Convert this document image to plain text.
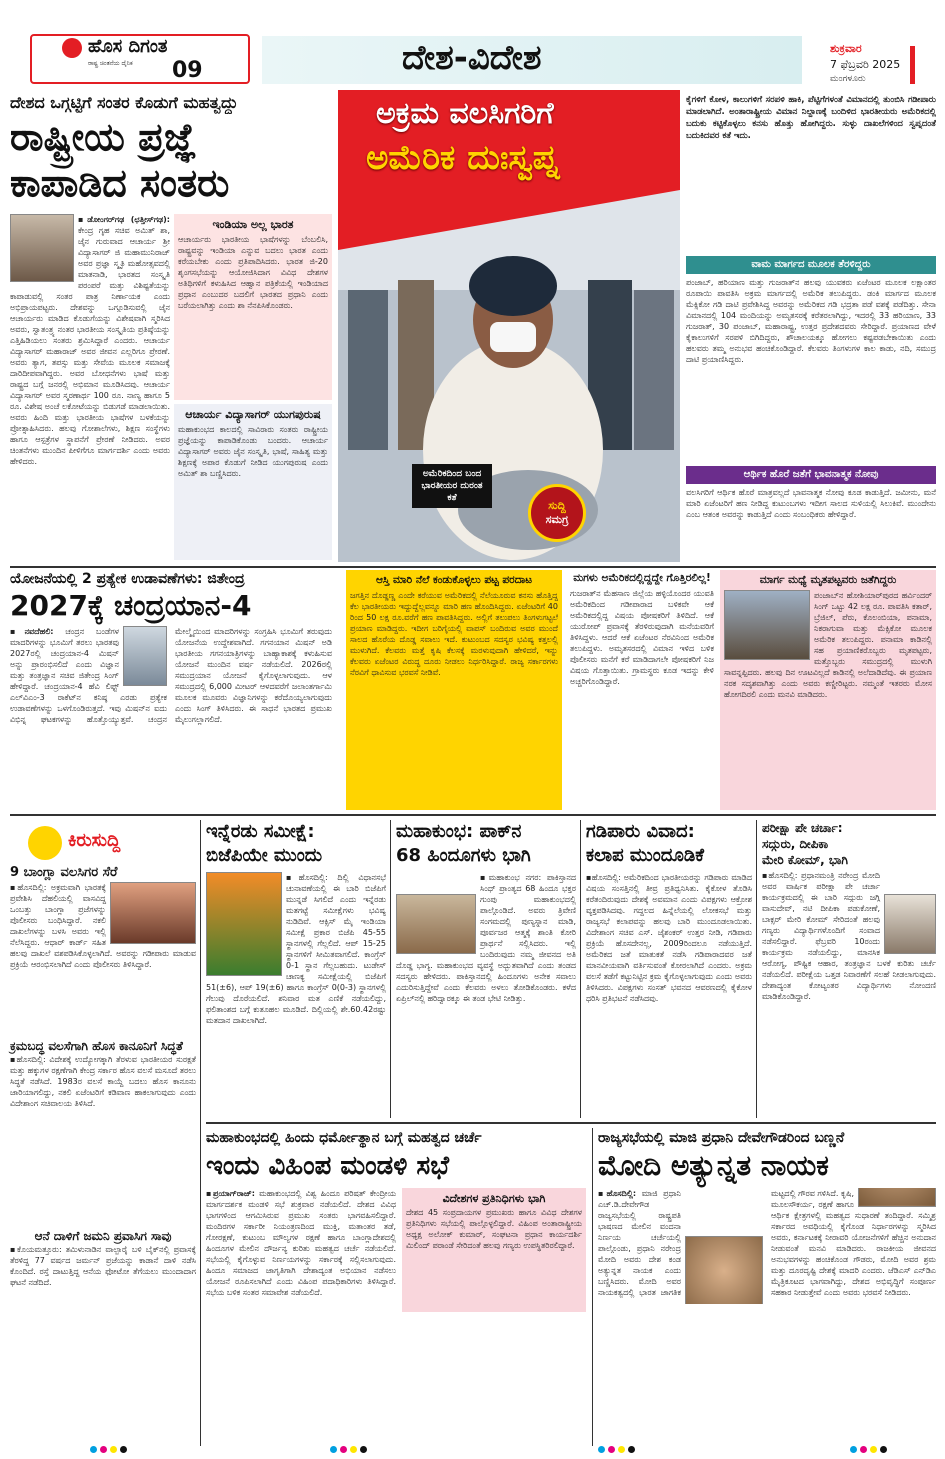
ಹೊಸ ದಿಗಂತ
ರಾಷ್ಟ್ರ ಚಿಂತನೆಯ ದೈನಿಕ 09	ದೇಶ-ವಿದೇಶ	ಶುಕ್ರವಾರ
7 ಫೆಬ್ರವರಿ 2025
ಮಂಗಳೂರು
ದೇಶದ ಒಗ್ಗಟ್ಟಿಗೆ ಸಂತರ ಕೊಡುಗೆ ಮಹತ್ವದ್ದು
ರಾಷ್ಟ್ರೀಯ ಪ್ರಜ್ಞೆ
ಕಾಪಾಡಿದ ಸಂತರು
▪ಡೋಂಗರ್‌ಗಢ (ಛತ್ತೀಸ್‌ಗಢ): ಕೇಂದ್ರ ಗೃಹ ಸಚಿವ ಅಮಿತ್ ಶಾ, ಜೈನ ಗುರುವಾದ ಆಚಾರ್ಯ ಶ್ರೀ ವಿದ್ಯಾಸಾಗರ್ ಜಿ ಮಹಾಮುನಿರಾಜ್ ಅವರ ಪ್ರಜ್ಞಾ ಸ್ಮೃತಿ ಮಹೋತ್ಸವದಲ್ಲಿ ಮಾತನಾಡಿ, ಭಾರತದ ಸಂಸ್ಕೃತಿ ಪರಂಪರೆ ಮತ್ತು ವಿಶಿಷ್ಟತೆಯನ್ನು ಕಾಪಾಡುವಲ್ಲಿ ಸಂತರ ಪಾತ್ರ ನಿರ್ಣಾಯಕ ಎಂದು ಅಭಿಪ್ರಾಯಪಟ್ಟರು. ದೇಶವನ್ನು ಒಗ್ಗೂಡಿಸುವಲ್ಲಿ ಜೈನ ಆಚಾರ್ಯರು ಮಾಡಿದ ಕೊಡುಗೆಯನ್ನು ವಿಶೇಷವಾಗಿ ಸ್ಮರಿಸಿದ ಅವರು, ಸ್ವಾತಂತ್ರ್ಯ ನಂತರ ಭಾರತೀಯ ಸಂಸ್ಕೃತಿಯ ಪ್ರತಿಷ್ಠೆಯನ್ನು ಎತ್ತಿಹಿಡಿಯಲು ಸಂತರು ಶ್ರಮಿಸಿದ್ದಾರೆ ಎಂದರು. ಆಚಾರ್ಯ ವಿದ್ಯಾಸಾಗರ್ ಮಹಾರಾಜ್ ಅವರ ಜೀವನ ಎಲ್ಲರಿಗೂ ಪ್ರೇರಣೆ. ಅವರು ತ್ಯಾಗ, ತಪಸ್ಸು ಮತ್ತು ಸೇವೆಯ ಮೂಲಕ ಸಮಾಜಕ್ಕೆ ದಾರಿದೀಪವಾಗಿದ್ದರು. ಅವರ ಬೋಧನೆಗಳು ಭಾಷೆ ಮತ್ತು ರಾಷ್ಟ್ರದ ಬಗ್ಗೆ ಜನರಲ್ಲಿ ಅಭಿಮಾನ ಮೂಡಿಸಿದವು. ಆಚಾರ್ಯ ವಿದ್ಯಾಸಾಗರ್ ಅವರ ಸ್ಮರಣಾರ್ಥ 100 ರೂ. ನಾಣ್ಯ ಹಾಗೂ 5 ರೂ. ವಿಶೇಷ ಅಂಚೆ ಲಕೋಟೆಯನ್ನು ಬಿಡುಗಡೆ ಮಾಡಲಾಯಿತು. ಅವರು ಹಿಂದಿ ಮತ್ತು ಭಾರತೀಯ ಭಾಷೆಗಳ ಬಳಕೆಯನ್ನು ಪ್ರೋತ್ಸಾಹಿಸಿದರು. ಹಲವು ಗೋಶಾಲೆಗಳು, ಶಿಕ್ಷಣ ಸಂಸ್ಥೆಗಳು ಹಾಗೂ ಆಸ್ಪತ್ರೆಗಳ ಸ್ಥಾಪನೆಗೆ ಪ್ರೇರಣೆ ನೀಡಿದರು. ಅವರ ಚಿಂತನೆಗಳು ಮುಂದಿನ ಪೀಳಿಗೆಗೂ ಮಾರ್ಗದರ್ಶಿ ಎಂದು ಅವರು ಹೇಳಿದರು.
ಇಂಡಿಯಾ ಅಲ್ಲ ಭಾರತ
ಆಚಾರ್ಯರು ಭಾರತೀಯ ಭಾಷೆಗಳನ್ನು ಬೆಂಬಲಿಸಿ, ರಾಷ್ಟ್ರವನ್ನು ಇಂಡಿಯಾ ಎನ್ನುವ ಬದಲು ಭಾರತ ಎಂದು ಕರೆಯಬೇಕು ಎಂದು ಪ್ರತಿಪಾದಿಸಿದರು. ಭಾರತ ಜಿ-20 ಶೃಂಗಸಭೆಯನ್ನು ಆಯೋಜಿಸಿದಾಗ ವಿವಿಧ ದೇಶಗಳ ಅತಿಥಿಗಳಿಗೆ ಕಳುಹಿಸಿದ ಆಹ್ವಾನ ಪತ್ರಿಕೆಯಲ್ಲಿ ಇಂಡಿಯಾದ ಪ್ರಧಾನ ಎಂಬುದರ ಬದಲಿಗೆ ಭಾರತದ ಪ್ರಧಾನಿ ಎಂದು ಬರೆಯಲಾಗಿತ್ತು ಎಂದು ಶಾ ನೆನಪಿಸಿಕೊಂಡರು.
ಆಚಾರ್ಯ ವಿದ್ಯಾಸಾಗರ್ ಯುಗಪುರುಷ
ಮಹಾಕುಂಭದ ಕಾಲದಲ್ಲಿ ಸಾವಿರಾರು ಸಂತರು ರಾಷ್ಟ್ರೀಯ ಪ್ರಜ್ಞೆಯನ್ನು ಕಾಪಾಡಿಕೊಂಡು ಬಂದರು. ಆಚಾರ್ಯ ವಿದ್ಯಾಸಾಗರ್ ಅವರು ಜೈನ ಸಂಸ್ಕೃತಿ, ಭಾಷೆ, ಸಾಹಿತ್ಯ ಮತ್ತು ಶಿಕ್ಷಣಕ್ಕೆ ಅಪಾರ ಕೊಡುಗೆ ನೀಡಿದ ಯುಗಪುರುಷ ಎಂದು ಅಮಿತ್ ಶಾ ಬಣ್ಣಿಸಿದರು.
ಅಕ್ರಮ ವಲಸಿಗರಿಗೆ
ಅಮೆರಿಕ ದುಃಸ್ವಪ್ನ
ಅಮೆರಿಕದಿಂದ ಬಂದ ಭಾರತೀಯರ ದುರಂತ ಕತೆ
ಸುದ್ದಿ
ಸಮಗ್ರ
ಕೈಗಳಿಗೆ ಕೋಳ, ಕಾಲುಗಳಿಗೆ ಸರಪಳಿ ಹಾಕಿ, ಪೆಟ್ಟಿಗೆಗಳಂತೆ ವಿಮಾನದಲ್ಲಿ ತುಂಬಿಸಿ ಗಡೀಪಾರು ಮಾಡಲಾಗಿದೆ. ಅಂತಾರಾಷ್ಟ್ರೀಯ ವಿಮಾನ ನಿಲ್ದಾಣಕ್ಕೆ ಬಂದಿಳಿದ ಭಾರತೀಯರು ಅಮೆರಿಕದಲ್ಲಿ ಬದುಕು ಕಟ್ಟಿಕೊಳ್ಳಲು ಕನಸು ಹೊತ್ತು ಹೋಗಿದ್ದರು. ಸುಳ್ಳು ದಾಖಲೆಗಳಿಂದ ಸ್ವಪ್ನದಂತೆ ಬದುಕಿದವರ ಕತೆ ಇದು.
ವಾಮ ಮಾರ್ಗದ ಮೂಲಕ ತೆರಳಿದ್ದರು
ಪಂಜಾಬ್, ಹರಿಯಾಣ ಮತ್ತು ಗುಜರಾತ್‌ನ ಹಲವು ಯುವಕರು ಏಜೆಂಟರ ಮೂಲಕ ಲಕ್ಷಾಂತರ ರೂಪಾಯಿ ಪಾವತಿಸಿ ಅಕ್ರಮ ಮಾರ್ಗದಲ್ಲಿ ಅಮೆರಿಕ ತಲುಪಿದ್ದರು. ಡಂಕಿ ಮಾರ್ಗದ ಮೂಲಕ ಮೆಕ್ಸಿಕೋ ಗಡಿ ದಾಟಿ ಪ್ರವೇಶಿಸಿದ್ದ ಅವರನ್ನು ಅಮೆರಿಕದ ಗಡಿ ಭದ್ರತಾ ಪಡೆ ವಶಕ್ಕೆ ಪಡೆದಿತ್ತು. ಸೇನಾ ವಿಮಾನದಲ್ಲಿ 104 ಮಂದಿಯನ್ನು ಅಮೃತಸರಕ್ಕೆ ಕರೆತರಲಾಗಿದ್ದು, ಇದರಲ್ಲಿ 33 ಹರಿಯಾಣ, 33 ಗುಜರಾತ್, 30 ಪಂಜಾಬ್, ಮಹಾರಾಷ್ಟ್ರ, ಉತ್ತರ ಪ್ರದೇಶದವರು ಸೇರಿದ್ದಾರೆ. ಪ್ರಯಾಣದ ವೇಳೆ ಕೈಕಾಲುಗಳಿಗೆ ಸರಪಳಿ ಬಿಗಿದಿದ್ದರು, ಶೌಚಾಲಯಕ್ಕೂ ಹೋಗಲು ಕಷ್ಟಪಡಬೇಕಾಯಿತು ಎಂದು ಹಲವರು ತಮ್ಮ ಅನುಭವ ಹಂಚಿಕೊಂಡಿದ್ದಾರೆ. ಕೆಲವರು ತಿಂಗಳುಗಳ ಕಾಲ ಕಾಡು, ನದಿ, ಸಮುದ್ರ ದಾಟಿ ಪ್ರಯಾಣಿಸಿದ್ದರು.
ಆರ್ಥಿಕ ಹೊರೆ ಜತೆಗೆ ಭಾವನಾತ್ಮಕ ನೋವು
ವಲಸಿಗರಿಗೆ ಆರ್ಥಿಕ ಹೊರೆ ಮಾತ್ರವಲ್ಲದೆ ಭಾವನಾತ್ಮಕ ನೋವು ಕೂಡ ಕಾಡುತ್ತಿದೆ. ಜಮೀನು, ಮನೆ ಮಾರಿ ಏಜೆಂಟರಿಗೆ ಹಣ ನೀಡಿದ್ದ ಕುಟುಂಬಗಳು ಇದೀಗ ಸಾಲದ ಸುಳಿಯಲ್ಲಿ ಸಿಲುಕಿವೆ. ಮುಂದೇನು ಎಂಬ ಆತಂಕ ಅವರನ್ನು ಕಾಡುತ್ತಿದೆ ಎಂದು ಸಂಬಂಧಿಕರು ಹೇಳಿದ್ದಾರೆ.
ಯೋಜನೆಯಲ್ಲಿ 2 ಪ್ರತ್ಯೇಕ ಉಡಾವಣೆಗಳು: ಜಿತೇಂದ್ರ
2027ಕ್ಕೆ ಚಂದ್ರಯಾನ-4
▪ನವದೆಹಲಿ: ಚಂದ್ರನ ಬಂಡೆಗಳ ಮಾದರಿಗಳನ್ನು ಭೂಮಿಗೆ ತರಲು ಭಾರತವು 2027ರಲ್ಲಿ ಚಂದ್ರಯಾನ-4 ಮಿಷನ್ ಅನ್ನು ಪ್ರಾರಂಭಿಸಲಿದೆ ಎಂದು ವಿಜ್ಞಾನ ಮತ್ತು ತಂತ್ರಜ್ಞಾನ ಸಚಿವ ಜಿತೇಂದ್ರ ಸಿಂಗ್ ಹೇಳಿದ್ದಾರೆ. ಚಂದ್ರಯಾನ-4 ಹೆವಿ ಲಿಫ್ಟ್ ಎಲ್‌ವಿಎಂ-3 ರಾಕೆಟ್‌ನ ಕನಿಷ್ಠ ಎರಡು ಪ್ರತ್ಯೇಕ ಉಡಾವಣೆಗಳನ್ನು ಒಳಗೊಂಡಿರುತ್ತದೆ. ಇವು ಮಿಷನ್‌ನ ಐದು ವಿಭಿನ್ನ ಘಟಕಗಳನ್ನು ಹೊತ್ತೊಯ್ಯುತ್ತವೆ. ಚಂದ್ರನ ಮೇಲ್ಮೈಯಿಂದ ಮಾದರಿಗಳನ್ನು ಸಂಗ್ರಹಿಸಿ ಭೂಮಿಗೆ ತರುವುದು ಯೋಜನೆಯ ಉದ್ದೇಶವಾಗಿದೆ. ಗಗನಯಾನ ಮಿಷನ್ ಅಡಿ ಭಾರತೀಯ ಗಗನಯಾತ್ರಿಗಳನ್ನು ಬಾಹ್ಯಾಕಾಶಕ್ಕೆ ಕಳುಹಿಸುವ ಯೋಜನೆ ಮುಂದಿನ ವರ್ಷ ನಡೆಯಲಿದೆ. 2026ರಲ್ಲಿ ಸಮುದ್ರಯಾನ ಯೋಜನೆ ಕೈಗೊಳ್ಳಲಾಗುವುದು. ಆಳ ಸಮುದ್ರದಲ್ಲಿ 6,000 ಮೀಟರ್ ಆಳದವರೆಗೆ ಜಲಾಂತರ್ಗಾಮಿ ಮೂಲಕ ಮೂವರು ವಿಜ್ಞಾನಿಗಳನ್ನು ಕರೆದೊಯ್ಯಲಾಗುವುದು ಎಂದು ಸಿಂಗ್ ತಿಳಿಸಿದರು. ಈ ಸಾಧನೆ ಭಾರತದ ಪ್ರಮುಖ ಮೈಲುಗಲ್ಲಾಗಲಿದೆ.
ಆಸ್ತಿ ಮಾರಿ ನೆಲೆ ಕಂಡುಕೊಳ್ಳಲು ಪಟ್ಟ ಪರದಾಟ
ಜಗತ್ತಿನ ದೊಡ್ಡಣ್ಣ ಎಂದೇ ಕರೆಯುವ ಅಮೆರಿಕದಲ್ಲಿ ನೆಲೆಯೂರುವ ಕನಸು ಹೊತ್ತಿದ್ದ ಕೆಲ ಭಾರತೀಯರು ಇದ್ದುದ್ದೆಲ್ಲವನ್ನೂ ಮಾರಿ ಹಣ ಹೊಂದಿಸಿದ್ದರು. ಏಜೆಂಟರಿಗೆ 40 ರಿಂದ 50 ಲಕ್ಷ ರೂ.ವರೆಗೆ ಹಣ ಪಾವತಿಸಿದ್ದರು. ಅಲ್ಲಿಗೆ ತಲುಪಲು ತಿಂಗಳುಗಟ್ಟಲೆ ಪ್ರಯಾಣ ಮಾಡಿದ್ದರು. ಇದೀಗ ಬರಿಗೈಯಲ್ಲಿ ವಾಪಸ್ ಬಂದಿರುವ ಅವರ ಮುಂದೆ ಸಾಲದ ಹೊರೆಯ ದೊಡ್ಡ ಸವಾಲು ಇದೆ. ಕುಟುಂಬದ ಸದಸ್ಯರ ಭವಿಷ್ಯ ಕತ್ತಲಲ್ಲಿ ಮುಳುಗಿದೆ. ಕೆಲವರು ಮತ್ತೆ ಕೃಷಿ ಕೆಲಸಕ್ಕೆ ಮರಳುವುದಾಗಿ ಹೇಳಿದರೆ, ಇನ್ನು ಕೆಲವರು ಏಜೆಂಟರ ವಿರುದ್ಧ ದೂರು ನೀಡಲು ನಿರ್ಧರಿಸಿದ್ದಾರೆ. ರಾಜ್ಯ ಸರ್ಕಾರಗಳು ನೆರವಿಗೆ ಧಾವಿಸುವ ಭರವಸೆ ನೀಡಿವೆ.
ಮಗಳು ಅಮೆರಿಕದಲ್ಲಿದ್ದದ್ದೇ ಗೊತ್ತಿರಲಿಲ್ಲ!
ಗುಜರಾತ್‌ನ ಮೆಹಸಾಣ ಜಿಲ್ಲೆಯ ಹಳ್ಳಿಯೊಂದರ ಯುವತಿ ಅಮೆರಿಕದಿಂದ ಗಡೀಪಾರಾದ ಬಳಿಕವೇ ಆಕೆ ಅಮೆರಿಕದಲ್ಲಿದ್ದ ವಿಷಯ ಪೋಷಕರಿಗೆ ತಿಳಿದಿದೆ. ಆಕೆ ಯುರೋಪ್ ಪ್ರವಾಸಕ್ಕೆ ತೆರಳಿರುವುದಾಗಿ ಮನೆಯವರಿಗೆ ತಿಳಿಸಿದ್ದಳು. ಆದರೆ ಆಕೆ ಏಜೆಂಟರ ನೆರವಿನಿಂದ ಅಮೆರಿಕ ತಲುಪಿದ್ದಳು. ಅಮೃತಸರದಲ್ಲಿ ವಿಮಾನ ಇಳಿದ ಬಳಿಕ ಪೊಲೀಸರು ಮನೆಗೆ ಕರೆ ಮಾಡಿದಾಗಲೇ ಪೋಷಕರಿಗೆ ನಿಜ ವಿಷಯ ಗೊತ್ತಾಯಿತು. ಗ್ರಾಮಸ್ಥರು ಕೂಡ ಇದನ್ನು ಕೇಳಿ ಅಚ್ಚರಿಗೊಂಡಿದ್ದಾರೆ.
ಮಾರ್ಗ ಮಧ್ಯೆ ಮೃತಪಟ್ಟವರು ಜತೆಗಿದ್ದರು
ಪಂಜಾಬ್‌ನ ಹೋಶಿಯಾರ್‌ಪುರದ ಹರ್ವಿಂದರ್ ಸಿಂಗ್ ಒಟ್ಟು 42 ಲಕ್ಷ ರೂ. ಪಾವತಿಸಿ ಕತಾರ್, ಬ್ರೆಜಿಲ್, ಪೆರು, ಕೊಲಂಬಿಯಾ, ಪನಾಮಾ, ನಿಕರಾಗುವಾ ಮತ್ತು ಮೆಕ್ಸಿಕೋ ಮೂಲಕ ಅಮೆರಿಕ ತಲುಪಿದ್ದರು. ಪನಾಮಾ ಕಾಡಿನಲ್ಲಿ ಸಹ ಪ್ರಯಾಣಿಕರೊಬ್ಬರು ಮೃತಪಟ್ಟರು, ಮತ್ತೊಬ್ಬರು ಸಮುದ್ರದಲ್ಲಿ ಮುಳುಗಿ ಸಾವನ್ನಪ್ಪಿದರು. ಹಲವು ದಿನ ಊಟವಿಲ್ಲದೆ ಕಾಡಿನಲ್ಲಿ ಅಲೆದಾಡಿದೆವು. ಈ ಪ್ರಯಾಣ ನರಕ ಸದೃಶವಾಗಿತ್ತು ಎಂದು ಅವರು ಕಣ್ಣೀರಿಟ್ಟರು. ನಮ್ಮಂತೆ ಇತರರು ಮೋಸ ಹೋಗದಿರಲಿ ಎಂದು ಮನವಿ ಮಾಡಿದರು.
ಕಿರುಸುದ್ದಿ
9 ಬಾಂಗ್ಲಾ ವಲಸಿಗರ ಸೆರೆ
▪ಹೊಸದಿಲ್ಲಿ: ಅಕ್ರಮವಾಗಿ ಭಾರತಕ್ಕೆ ಪ್ರವೇಶಿಸಿ ದೆಹಲಿಯಲ್ಲಿ ವಾಸವಿದ್ದ ಒಂಬತ್ತು ಬಾಂಗ್ಲಾ ಪ್ರಜೆಗಳನ್ನು ಪೊಲೀಸರು ಬಂಧಿಸಿದ್ದಾರೆ. ನಕಲಿ ದಾಖಲೆಗಳನ್ನು ಬಳಸಿ ಅವರು ಇಲ್ಲಿ ನೆಲೆಸಿದ್ದರು. ಆಧಾರ್ ಕಾರ್ಡ್ ಸಹಿತ ಹಲವು ದಾಖಲೆ ವಶಪಡಿಸಿಕೊಳ್ಳಲಾಗಿದೆ. ಅವರನ್ನು ಗಡೀಪಾರು ಮಾಡುವ ಪ್ರಕ್ರಿಯೆ ಆರಂಭಿಸಲಾಗಿದೆ ಎಂದು ಪೊಲೀಸರು ತಿಳಿಸಿದ್ದಾರೆ.
ಕ್ರಮಬದ್ಧ ವಲಸೆಗಾಗಿ ಹೊಸ ಕಾನೂನಿಗೆ ಸಿದ್ಧತೆ
▪ಹೊಸದಿಲ್ಲಿ: ವಿದೇಶಕ್ಕೆ ಉದ್ಯೋಗಕ್ಕಾಗಿ ತೆರಳುವ ಭಾರತೀಯರ ಸುರಕ್ಷತೆ ಮತ್ತು ಹಕ್ಕುಗಳ ರಕ್ಷಣೆಗಾಗಿ ಕೇಂದ್ರ ಸರ್ಕಾರ ಹೊಸ ವಲಸೆ ಮಸೂದೆ ತರಲು ಸಿದ್ಧತೆ ನಡೆಸಿದೆ. 1983ರ ವಲಸೆ ಕಾಯ್ದೆ ಬದಲು ಹೊಸ ಕಾನೂನು ಜಾರಿಯಾಗಲಿದ್ದು, ನಕಲಿ ಏಜೆಂಟರಿಗೆ ಕಡಿವಾಣ ಹಾಕಲಾಗುವುದು ಎಂದು ವಿದೇಶಾಂಗ ಸಚಿವಾಲಯ ತಿಳಿಸಿದೆ.
ಆನೆ ದಾಳಿಗೆ ಜಮನಿ ಪ್ರವಾಸಿಗ ಸಾವು
▪ಕೊಯಮತ್ತೂರು: ತಮಿಳುನಾಡಿನ ವಾಲ್ಪಾರೈ ಬಳಿ ಬೈಕ್‌ನಲ್ಲಿ ಪ್ರವಾಸಕ್ಕೆ ತೆರಳಿದ್ದ 77 ವರ್ಷದ ಜರ್ಮನ್ ಪ್ರಜೆಯನ್ನು ಕಾಡಾನೆ ದಾಳಿ ನಡೆಸಿ ಕೊಂದಿದೆ. ರಸ್ತೆ ದಾಟುತ್ತಿದ್ದ ಆನೆಯ ಫೋಟೋ ತೆಗೆಯಲು ಮುಂದಾದಾಗ ಘಟನೆ ನಡೆದಿದೆ.
ಇನ್ನೆರಡು ಸಮೀಕ್ಷೆ:
ಬಿಜೆಪಿಯೇ ಮುಂದು
▪ಹೊಸದಿಲ್ಲಿ: ದಿಲ್ಲಿ ವಿಧಾನಸಭೆ ಚುನಾವಣೆಯಲ್ಲಿ ಈ ಬಾರಿ ಬಿಜೆಪಿಗೆ ಮುನ್ನಡೆ ಸಿಗಲಿದೆ ಎಂದು ಇನ್ನೆರಡು ಮತಗಟ್ಟೆ ಸಮೀಕ್ಷೆಗಳು ಭವಿಷ್ಯ ನುಡಿದಿವೆ. ಆಕ್ಸಿಸ್ ಮೈ ಇಂಡಿಯಾ ಸಮೀಕ್ಷೆ ಪ್ರಕಾರ ಬಿಜೆಪಿ 45-55 ಸ್ಥಾನಗಳಲ್ಲಿ ಗೆಲ್ಲಲಿದೆ. ಆಪ್ 15-25 ಸ್ಥಾನಗಳಿಗೆ ಸೀಮಿತವಾಗಲಿದೆ. ಕಾಂಗ್ರೆಸ್ 0-1 ಸ್ಥಾನ ಗೆಲ್ಲಬಹುದು. ಟುಡೇಸ್ ಚಾಣಕ್ಯ ಸಮೀಕ್ಷೆಯಲ್ಲಿ ಬಿಜೆಪಿಗೆ 51(±6), ಆಪ್ 19(±6) ಹಾಗೂ ಕಾಂಗ್ರೆಸ್ 0(0-3) ಸ್ಥಾನಗಳಲ್ಲಿ ಗೆಲುವು ದೊರೆಯಲಿದೆ. ಶನಿವಾರ ಮತ ಎಣಿಕೆ ನಡೆಯಲಿದ್ದು, ಫಲಿತಾಂಶದ ಬಗ್ಗೆ ಕುತೂಹಲ ಮೂಡಿದೆ. ದಿಲ್ಲಿಯಲ್ಲಿ ಶೇ.60.42ರಷ್ಟು ಮತದಾನ ದಾಖಲಾಗಿದೆ.
ಮಹಾಕುಂಭ: ಪಾಕ್‌ನ
68 ಹಿಂದೂಗಳು ಭಾಗಿ
▪ಮಹಾಕುಂಭ ನಗರ: ಪಾಕಿಸ್ತಾನದ ಸಿಂಧ್ ಪ್ರಾಂತ್ಯದ 68 ಹಿಂದೂ ಭಕ್ತರ ಗುಂಪು ಮಹಾಕುಂಭದಲ್ಲಿ ಪಾಲ್ಗೊಂಡಿದೆ. ಅವರು ತ್ರಿವೇಣಿ ಸಂಗಮದಲ್ಲಿ ಪುಣ್ಯಸ್ನಾನ ಮಾಡಿ, ಪೂರ್ವಜರ ಆತ್ಮಕ್ಕೆ ಶಾಂತಿ ಕೋರಿ ಪ್ರಾರ್ಥನೆ ಸಲ್ಲಿಸಿದರು. ಇಲ್ಲಿ ಬಂದಿರುವುದು ನಮ್ಮ ಜೀವನದ ಅತಿ ದೊಡ್ಡ ಭಾಗ್ಯ. ಮಹಾಕುಂಭದ ವ್ಯವಸ್ಥೆ ಅದ್ಭುತವಾಗಿದೆ ಎಂದು ತಂಡದ ಸದಸ್ಯರು ಹೇಳಿದರು. ಪಾಕಿಸ್ತಾನದಲ್ಲಿ ಹಿಂದೂಗಳು ಅನೇಕ ಸವಾಲು ಎದುರಿಸುತ್ತಿದ್ದೇವೆ ಎಂದು ಕೆಲವರು ಅಳಲು ತೋಡಿಕೊಂಡರು. ಕಳೆದ ಏಪ್ರಿಲ್‌ನಲ್ಲಿ ಹರಿದ್ವಾರಕ್ಕೂ ಈ ತಂಡ ಭೇಟಿ ನೀಡಿತ್ತು.
ಗಡಿಪಾರು ವಿವಾದ:
ಕಲಾಪ ಮುಂದೂಡಿಕೆ
▪ಹೊಸದಿಲ್ಲಿ: ಅಮೆರಿಕದಿಂದ ಭಾರತೀಯರನ್ನು ಗಡಿಪಾರು ಮಾಡಿದ ವಿಷಯ ಸಂಸತ್ತಿನಲ್ಲಿ ತೀವ್ರ ಪ್ರತಿಧ್ವನಿಸಿತು. ಕೈಕೋಳ ತೊಡಿಸಿ ಕರೆತಂದಿರುವುದು ದೇಶಕ್ಕೆ ಅವಮಾನ ಎಂದು ವಿಪಕ್ಷಗಳು ಆಕ್ರೋಶ ವ್ಯಕ್ತಪಡಿಸಿದವು. ಗದ್ದಲದ ಹಿನ್ನೆಲೆಯಲ್ಲಿ ಲೋಕಸಭೆ ಮತ್ತು ರಾಜ್ಯಸಭೆ ಕಲಾಪವನ್ನು ಹಲವು ಬಾರಿ ಮುಂದೂಡಲಾಯಿತು. ವಿದೇಶಾಂಗ ಸಚಿವ ಎಸ್. ಜೈಶಂಕರ್ ಉತ್ತರ ನೀಡಿ, ಗಡಿಪಾರು ಪ್ರಕ್ರಿಯೆ ಹೊಸದೇನಲ್ಲ, 2009ರಿಂದಲೂ ನಡೆಯುತ್ತಿದೆ. ಅಮೆರಿಕದ ಜತೆ ಮಾತುಕತೆ ನಡೆಸಿ ಗಡಿಪಾರಾದವರ ಜತೆ ಮಾನವೀಯವಾಗಿ ವರ್ತಿಸುವಂತೆ ಕೋರಲಾಗಿದೆ ಎಂದರು. ಅಕ್ರಮ ವಲಸೆ ತಡೆಗೆ ಕಟ್ಟುನಿಟ್ಟಿನ ಕ್ರಮ ಕೈಗೊಳ್ಳಲಾಗುವುದು ಎಂದು ಅವರು ತಿಳಿಸಿದರು. ವಿಪಕ್ಷಗಳು ಸಂಸತ್ ಭವನದ ಆವರಣದಲ್ಲಿ ಕೈಕೋಳ ಧರಿಸಿ ಪ್ರತಿಭಟನೆ ನಡೆಸಿದವು.
ಪರೀಕ್ಷಾ ಪೇ ಚರ್ಚಾ:
ಸದ್ಗುರು, ದೀಪಿಕಾ
ಮೇರಿ ಕೋಮ್, ಭಾಗಿ
▪ಹೊಸದಿಲ್ಲಿ: ಪ್ರಧಾನಮಂತ್ರಿ ನರೇಂದ್ರ ಮೋದಿ ಅವರ ವಾರ್ಷಿಕ ಪರೀಕ್ಷಾ ಪೇ ಚರ್ಚಾ ಕಾರ್ಯಕ್ರಮದಲ್ಲಿ ಈ ಬಾರಿ ಸದ್ಗುರು ಜಗ್ಗಿ ವಾಸುದೇವ್, ನಟಿ ದೀಪಿಕಾ ಪಡುಕೋಣೆ, ಬಾಕ್ಸರ್ ಮೇರಿ ಕೋಮ್ ಸೇರಿದಂತೆ ಹಲವು ಗಣ್ಯರು ವಿದ್ಯಾರ್ಥಿಗಳೊಂದಿಗೆ ಸಂವಾದ ನಡೆಸಲಿದ್ದಾರೆ. ಫೆಬ್ರವರಿ 10ರಂದು ಕಾರ್ಯಕ್ರಮ ನಡೆಯಲಿದ್ದು, ಮಾನಸಿಕ ಆರೋಗ್ಯ, ಪೌಷ್ಟಿಕ ಆಹಾರ, ತಂತ್ರಜ್ಞಾನ ಬಳಕೆ ಕುರಿತು ಚರ್ಚೆ ನಡೆಯಲಿದೆ. ಪರೀಕ್ಷೆಯ ಒತ್ತಡ ನಿವಾರಣೆಗೆ ಸಲಹೆ ನೀಡಲಾಗುವುದು. ದೇಶಾದ್ಯಂತ ಕೋಟ್ಯಂತರ ವಿದ್ಯಾರ್ಥಿಗಳು ನೋಂದಣಿ ಮಾಡಿಕೊಂಡಿದ್ದಾರೆ.
ಮಹಾಕುಂಭದಲ್ಲಿ ಹಿಂದು ಧರ್ಮೋತ್ಥಾನ ಬಗ್ಗೆ ಮಹತ್ವದ ಚರ್ಚೆ
ಇಂದು ವಿಹಿಂಪ ಮಂಡಳಿ ಸಭೆ
▪ಪ್ರಯಾಗ್‌ರಾಜ್: ಮಹಾಕುಂಭದಲ್ಲಿ ವಿಶ್ವ ಹಿಂದೂ ಪರಿಷತ್ ಕೇಂದ್ರೀಯ ಮಾರ್ಗದರ್ಶಕ ಮಂಡಳಿ ಸಭೆ ಶುಕ್ರವಾರ ನಡೆಯಲಿದೆ. ದೇಶದ ವಿವಿಧ ಭಾಗಗಳಿಂದ ಆಗಮಿಸಿರುವ ಪ್ರಮುಖ ಸಂತರು ಭಾಗವಹಿಸಲಿದ್ದಾರೆ. ಮಂದಿರಗಳ ಸರ್ಕಾರೀ ನಿಯಂತ್ರಣದಿಂದ ಮುಕ್ತಿ, ಮತಾಂತರ ತಡೆ, ಗೋರಕ್ಷಣೆ, ಕುಟುಂಬ ಮೌಲ್ಯಗಳ ರಕ್ಷಣೆ ಹಾಗೂ ಬಾಂಗ್ಲಾದೇಶದಲ್ಲಿ ಹಿಂದೂಗಳ ಮೇಲಿನ ದೌರ್ಜನ್ಯ ಕುರಿತು ಮಹತ್ವದ ಚರ್ಚೆ ನಡೆಯಲಿದೆ. ಸಭೆಯಲ್ಲಿ ಕೈಗೊಳ್ಳುವ ನಿರ್ಣಯಗಳನ್ನು ಸರ್ಕಾರಕ್ಕೆ ಸಲ್ಲಿಸಲಾಗುವುದು. ಹಿಂದೂ ಸಮಾಜದ ಜಾಗೃತಿಗಾಗಿ ದೇಶಾದ್ಯಂತ ಅಭಿಯಾನ ನಡೆಸಲು ಯೋಜನೆ ರೂಪಿಸಲಾಗಿದೆ ಎಂದು ವಿಹಿಂಪ ಪದಾಧಿಕಾರಿಗಳು ತಿಳಿಸಿದ್ದಾರೆ. ಸಭೆಯ ಬಳಿಕ ಸಂತರ ಸಮಾವೇಶ ನಡೆಯಲಿದೆ.
ವಿದೇಶಗಳ ಪ್ರತಿನಿಧಿಗಳು ಭಾಗಿ
ದೇಶದ 45 ಸಂಪ್ರದಾಯಗಳ ಪ್ರಮುಖರು ಹಾಗೂ ವಿವಿಧ ದೇಶಗಳ ಪ್ರತಿನಿಧಿಗಳು ಸಭೆಯಲ್ಲಿ ಪಾಲ್ಗೊಳ್ಳಲಿದ್ದಾರೆ. ವಿಹಿಂಪ ಅಂತಾರಾಷ್ಟ್ರೀಯ ಅಧ್ಯಕ್ಷ ಅಲೋಕ್ ಕುಮಾರ್, ಸಂಘಟನಾ ಪ್ರಧಾನ ಕಾರ್ಯದರ್ಶಿ ಮಿಲಿಂದ್ ಪರಾಂಡೆ ಸೇರಿದಂತೆ ಹಲವು ಗಣ್ಯರು ಉಪಸ್ಥಿತರಿರಲಿದ್ದಾರೆ.
ರಾಜ್ಯಸಭೆಯಲ್ಲಿ ಮಾಜಿ ಪ್ರಧಾನಿ ದೇವೇಗೌಡರಿಂದ ಬಣ್ಣನೆ
ಮೋದಿ ಅತ್ಯುನ್ನತ ನಾಯಕ
▪ಹೊಸದಿಲ್ಲಿ: ಮಾಜಿ ಪ್ರಧಾನಿ ಎಚ್.ಡಿ.ದೇವೇಗೌಡ ರಾಜ್ಯಸಭೆಯಲ್ಲಿ ರಾಷ್ಟ್ರಪತಿ ಭಾಷಣದ ಮೇಲಿನ ವಂದನಾ ನಿರ್ಣಯ ಚರ್ಚೆಯಲ್ಲಿ ಪಾಲ್ಗೊಂಡು, ಪ್ರಧಾನಿ ನರೇಂದ್ರ ಮೋದಿ ಅವರು ದೇಶ ಕಂಡ ಅತ್ಯುನ್ನತ ನಾಯಕ ಎಂದು ಬಣ್ಣಿಸಿದರು. ಮೋದಿ ಅವರ ನಾಯಕತ್ವದಲ್ಲಿ ಭಾರತ ಜಾಗತಿಕ ಮಟ್ಟದಲ್ಲಿ ಗೌರವ ಗಳಿಸಿದೆ. ಕೃಷಿ, ಮೂಲಸೌಕರ್ಯ, ರಕ್ಷಣೆ ಹಾಗೂ ಆರ್ಥಿಕ ಕ್ಷೇತ್ರಗಳಲ್ಲಿ ಮಹತ್ವದ ಸುಧಾರಣೆ ತಂದಿದ್ದಾರೆ. ಸಮ್ಮಿಶ್ರ ಸರ್ಕಾರದ ಅವಧಿಯಲ್ಲಿ ಕೈಗೊಂಡ ನಿರ್ಧಾರಗಳನ್ನು ಸ್ಮರಿಸಿದ ಅವರು, ಕರ್ನಾಟಕಕ್ಕೆ ನೀರಾವರಿ ಯೋಜನೆಗಳಿಗೆ ಹೆಚ್ಚಿನ ಅನುದಾನ ನೀಡುವಂತೆ ಮನವಿ ಮಾಡಿದರು. ರಾಜಕೀಯ ಜೀವನದ ಅನುಭವಗಳನ್ನು ಹಂಚಿಕೊಂಡ ಗೌಡರು, ಮೋದಿ ಅವರ ಶ್ರಮ ಮತ್ತು ದೂರದೃಷ್ಟಿ ದೇಶಕ್ಕೆ ಮಾದರಿ ಎಂದರು. ಜೆಡಿಎಸ್ ಎನ್‌ಡಿಎ ಮೈತ್ರಿಕೂಟದ ಭಾಗವಾಗಿದ್ದು, ದೇಶದ ಅಭಿವೃದ್ಧಿಗೆ ಸಂಪೂರ್ಣ ಸಹಕಾರ ನೀಡುತ್ತೇವೆ ಎಂದು ಅವರು ಭರವಸೆ ನೀಡಿದರು.
